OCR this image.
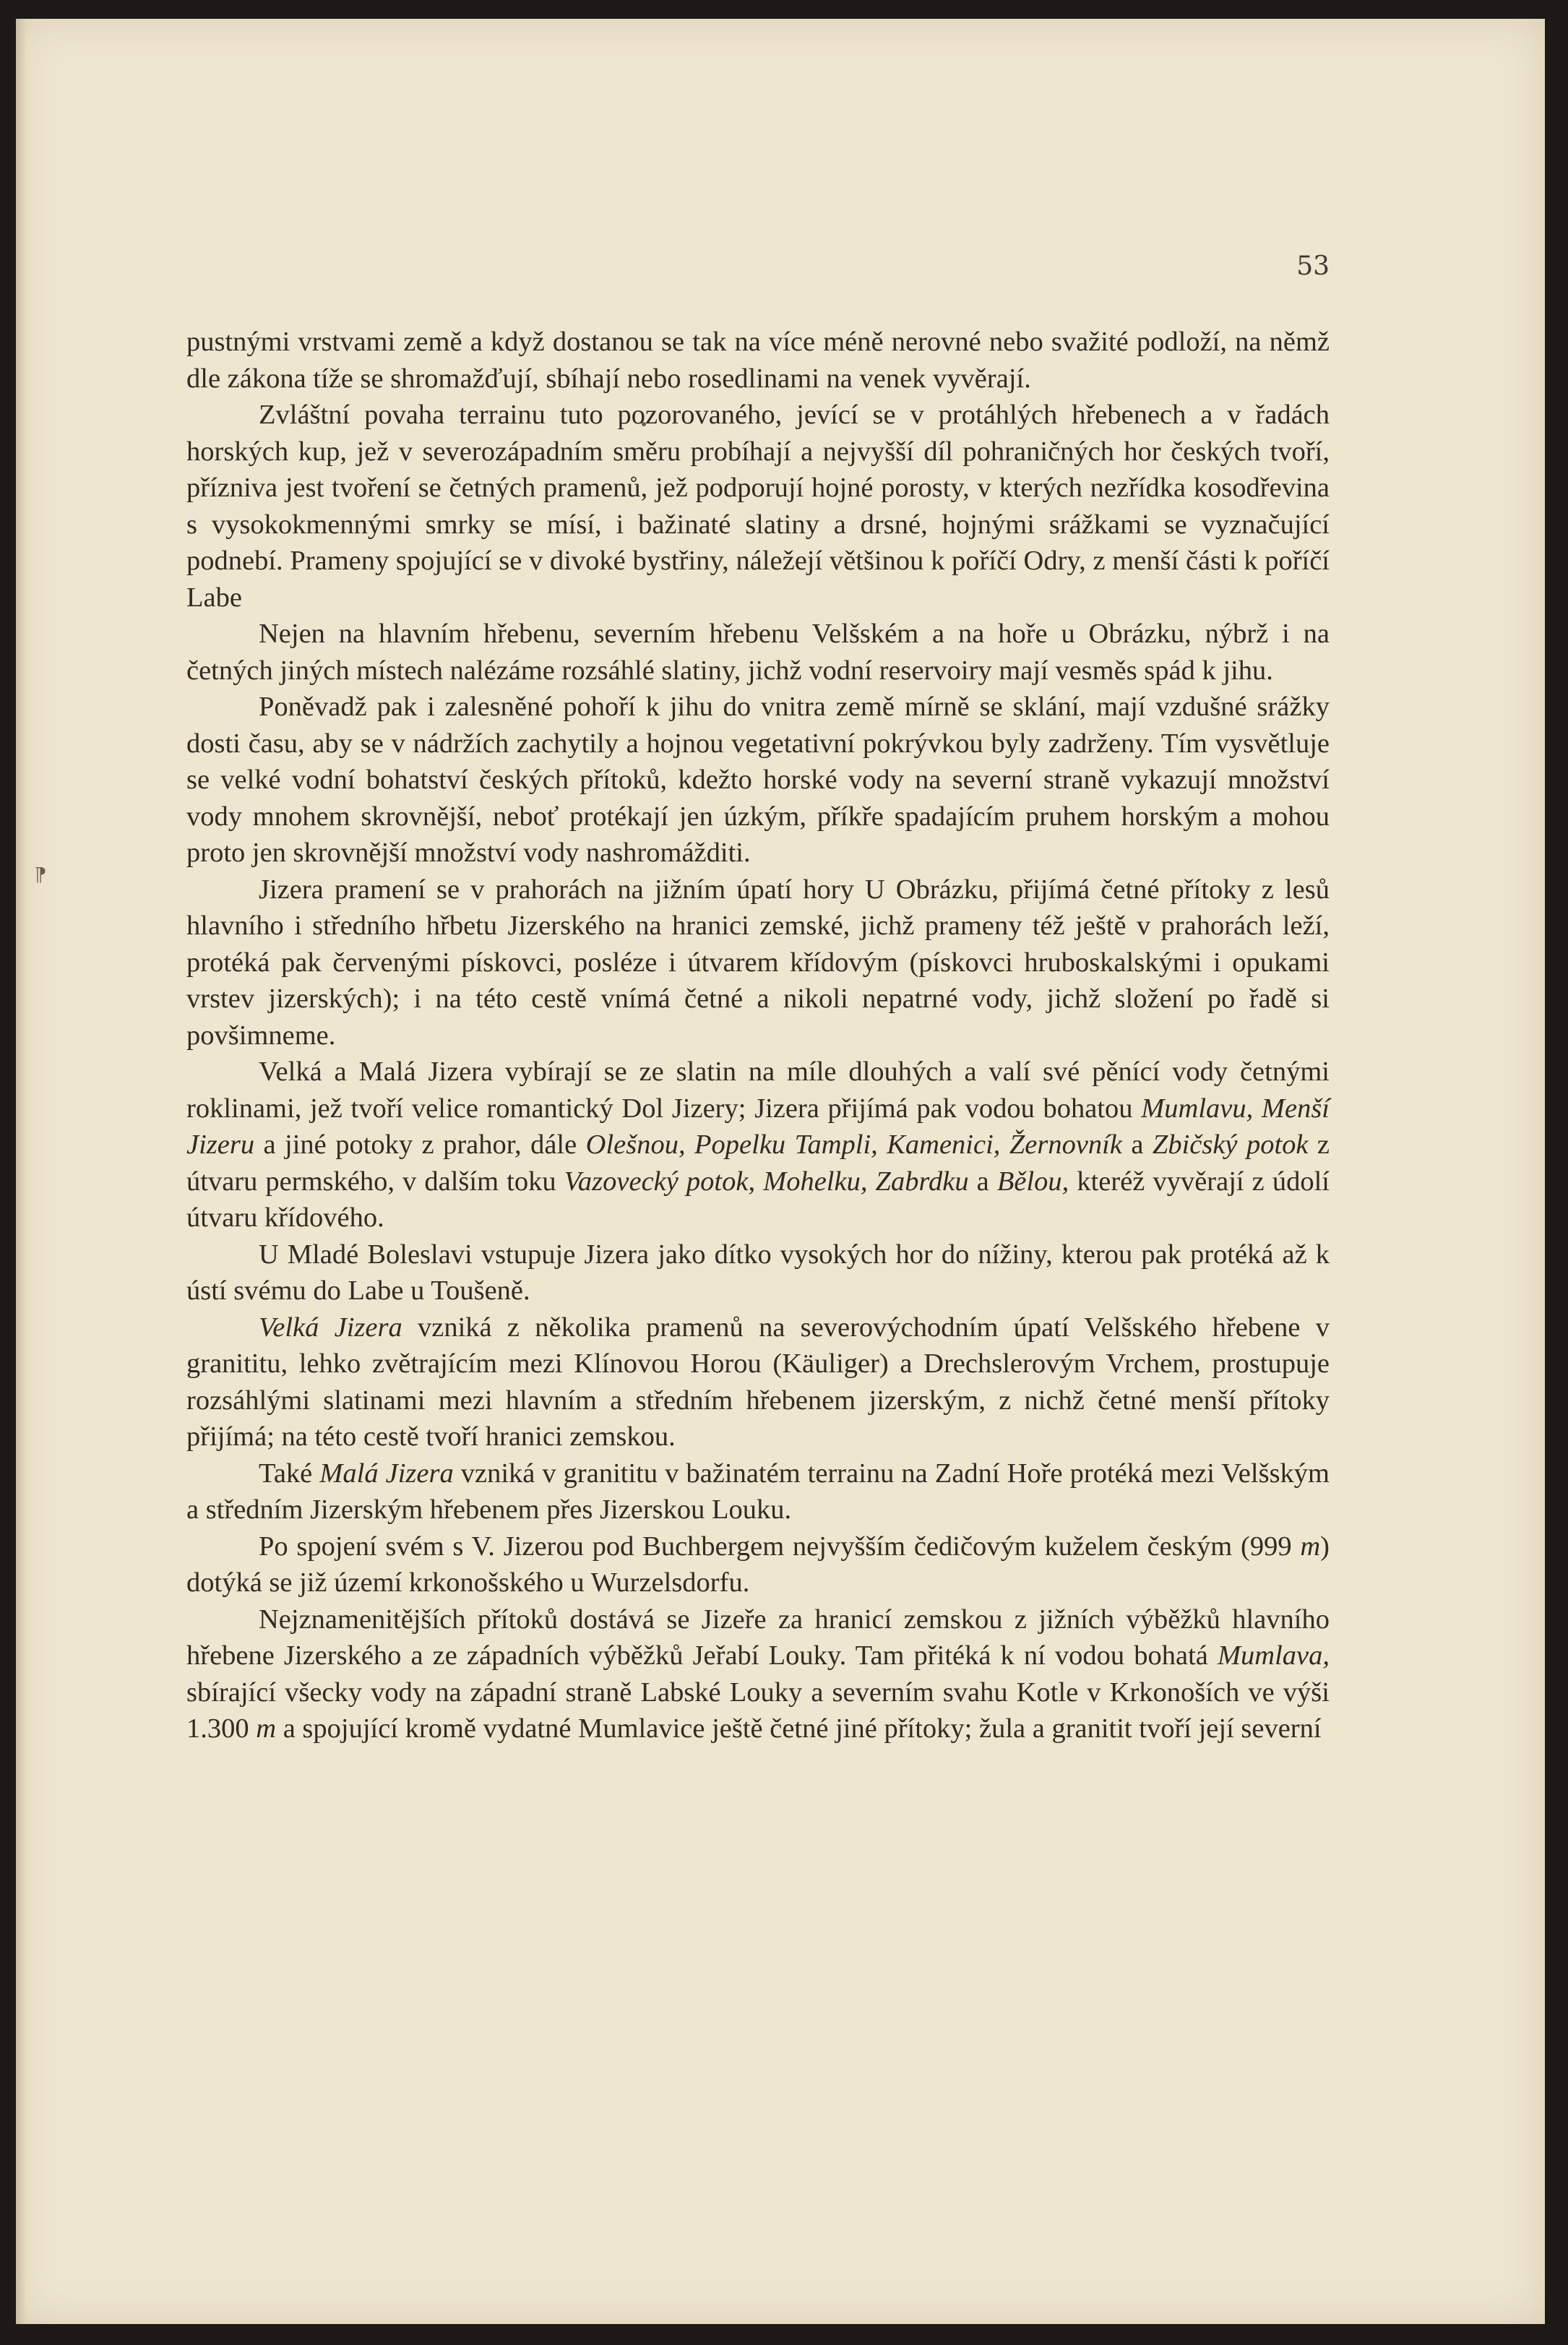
53
⁋

pustnými vrstvami země a když dostanou se tak na více méně nerovné nebo svažité podloží, na němž dle zákona tíže se shromažďují, sbíhají nebo rosedlinami na venek vyvěrají.

Zvláštní povaha terrainu tuto pozorovaného, jevící se v protáhlých hřebenech a v řadách horských kup, jež v severozápadním směru probíhají a nejvyšší díl pohraničných hor českých tvoří, přízniva jest tvoření se četných pramenů, jež podporují hojné porosty, v kterých nezřídka kosodřevina s vysokokmennými smrky se mísí, i bažinaté slatiny a drsné, hojnými srážkami se vyznačující podnebí. Prameny spojující se v divoké bystřiny, náležejí většinou k poříčí Odry, z menší části k poříčí Labe

Nejen na hlavním hřebenu, severním hřebenu Velšském a na hoře u Obrázku, nýbrž i na četných jiných místech nalézáme rozsáhlé slatiny, jichž vodní reservoiry mají vesměs spád k jihu.

Poněvadž pak i zalesněné pohoří k jihu do vnitra země mírně se sklání, mají vzdušné srážky dosti času, aby se v nádržích zachytily a hojnou vegetativní pokrývkou byly zadrženy. Tím vysvětluje se velké vodní bohatství českých přítoků, kdežto horské vody na severní straně vykazují množství vody mnohem skrovnější, neboť protékají jen úzkým, příkře spadajícím pruhem horským a mohou proto jen skrovnější množství vody nashromážditi.

Jizera pramení se v prahorách na jižním úpatí hory U Obrázku, přijímá četné přítoky z lesů hlavního i středního hřbetu Jizerského na hranici zemské, jichž prameny též ještě v prahorách leží, protéká pak červenými pískovci, posléze i útvarem křídovým (pískovci hruboskalskými i opukami vrstev jizerských); i na této cestě vnímá četné a nikoli nepatrné vody, jichž složení po řadě si povšimneme.

Velká a Malá Jizera vybírají se ze slatin na míle dlouhých a valí své pěnící vody četnými roklinami, jež tvoří velice romantický Dol Jizery; Jizera přijímá pak vodou bohatou Mumlavu, Menší Jizeru a jiné potoky z prahor, dále Olešnou, Popelku Tampli, Kamenici, Žernovník a Zbičský potok z útvaru permského, v dalším toku Vazovecký potok, Mohelku, Zabrdku a Bělou, kteréž vyvěrají z údolí útvaru křídového.

U Mladé Boleslavi vstupuje Jizera jako dítko vysokých hor do nížiny, kterou pak protéká až k ústí svému do Labe u Toušeně.

Velká Jizera vzniká z několika pramenů na severovýchodním úpatí Velšského hřebene v granititu, lehko zvětrajícím mezi Klínovou Horou (Käuliger) a Drechslerovým Vrchem, prostupuje rozsáhlými slatinami mezi hlavním a středním hřebenem jizerským, z nichž četné menší přítoky přijímá; na této cestě tvoří hranici zemskou.

Také Malá Jizera vzniká v granititu v bažinatém terrainu na Zadní Hoře protéká mezi Velšským a středním Jizerským hřebenem přes Jizerskou Louku.

Po spojení svém s V. Jizerou pod Buchbergem nejvyšším čedičovým kuželem českým (999 m) dotýká se již území krkonošského u Wurzelsdorfu.

Nejznamenitějších přítoků dostává se Jizeře za hranicí zemskou z jižních výběžků hlavního hřebene Jizerského a ze západních výběžků Jeřabí Louky. Tam přitéká k ní vodou bohatá Mumlava, sbírající všecky vody na západní straně Labské Louky a severním svahu Kotle v Krkonoších ve výši 1.300 m a spojující kromě vydatné Mumlavice ještě četné jiné přítoky; žula a granitit tvoří její severní
